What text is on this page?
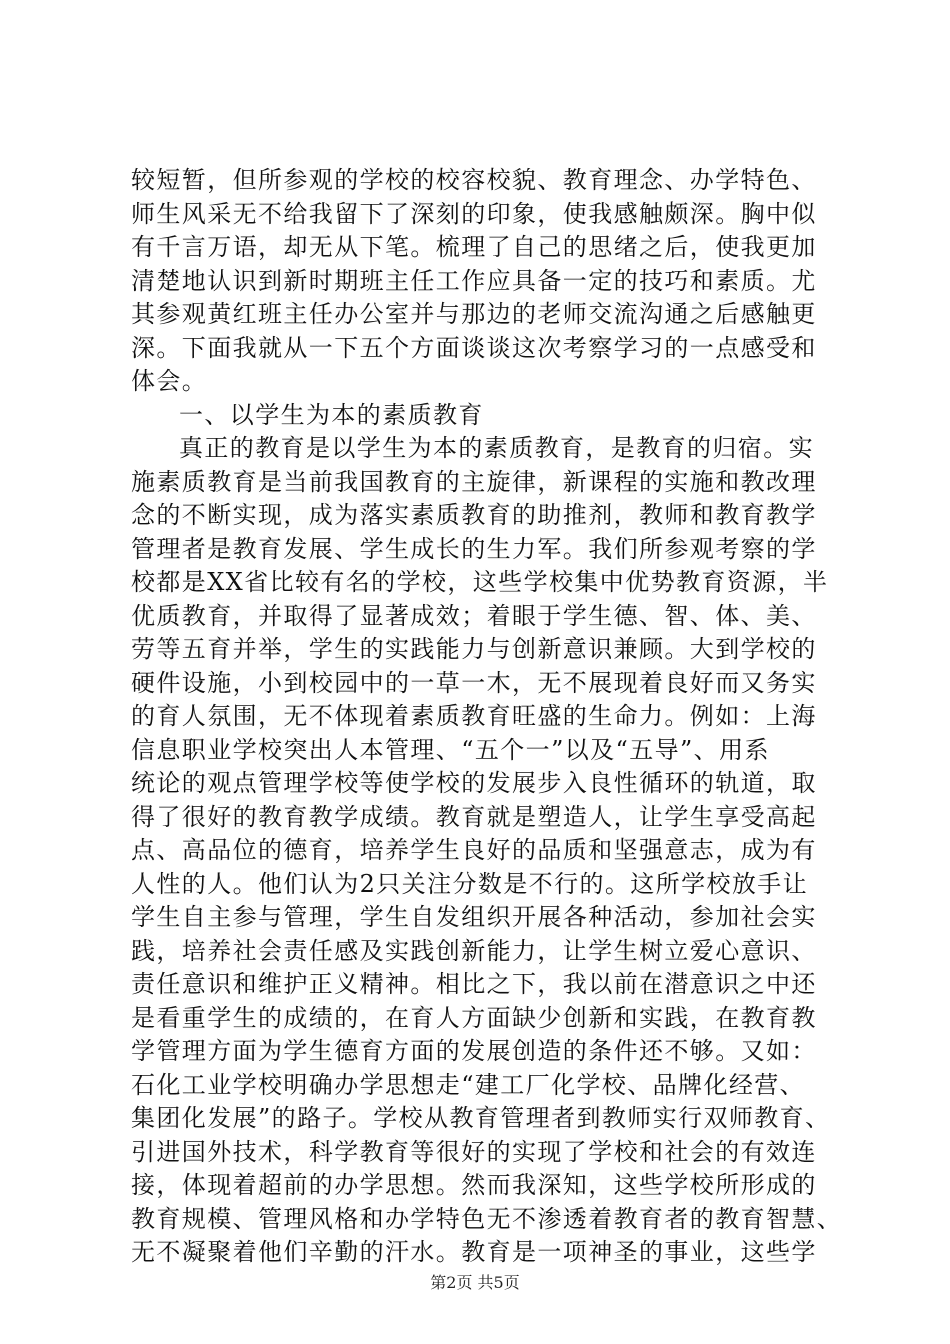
较短暂，但所参观的学校的校容校貌、教育理念、办学特色、
师生风采无不给我留下了深刻的印象，使我感触颇深。胸中似
有千言万语，却无从下笔。梳理了自己的思绪之后，使我更加
清楚地认识到新时期班主任工作应具备一定的技巧和素质。尤
其参观黄红班主任办公室并与那边的老师交流沟通之后感触更
深。下面我就从一下五个方面谈谈这次考察学习的一点感受和
体会。
一、以学生为本的素质教育
真正的教育是以学生为本的素质教育，是教育的归宿。实
施素质教育是当前我国教育的主旋律，新课程的实施和教改理
念的不断实现，成为落实素质教育的助推剂，教师和教育教学
管理者是教育发展、学生成长的生力军。我们所参观考察的学
校都是XX省比较有名的学校，这些学校集中优势教育资源，半
优质教育，并取得了显著成效；着眼于学生德、智、体、美、
劳等五育并举，学生的实践能力与创新意识兼顾。大到学校的
硬件设施，小到校园中的一草一木，无不展现着良好而又务实
的育人氛围，无不体现着素质教育旺盛的生命力。例如：上海
信息职业学校突出人本管理、“五个一”以及“五导”、用系
统论的观点管理学校等使学校的发展步入良性循环的轨道，取
得了很好的教育教学成绩。教育就是塑造人，让学生享受高起
点、高品位的德育，培养学生良好的品质和坚强意志，成为有
人性的人。他们认为2只关注分数是不行的。这所学校放手让
学生自主参与管理，学生自发组织开展各种活动，参加社会实
践，培养社会责任感及实践创新能力，让学生树立爱心意识、
责任意识和维护正义精神。相比之下，我以前在潜意识之中还
是看重学生的成绩的，在育人方面缺少创新和实践，在教育教
学管理方面为学生德育方面的发展创造的条件还不够。又如：
石化工业学校明确办学思想走“建工厂化学校、品牌化经营、
集团化发展”的路子。学校从教育管理者到教师实行双师教育、
引进国外技术，科学教育等很好的实现了学校和社会的有效连
接，体现着超前的办学思想。然而我深知，这些学校所形成的
教育规模、管理风格和办学特色无不渗透着教育者的教育智慧、
无不凝聚着他们辛勤的汗水。教育是一项神圣的事业，这些学
第2页 共5页
